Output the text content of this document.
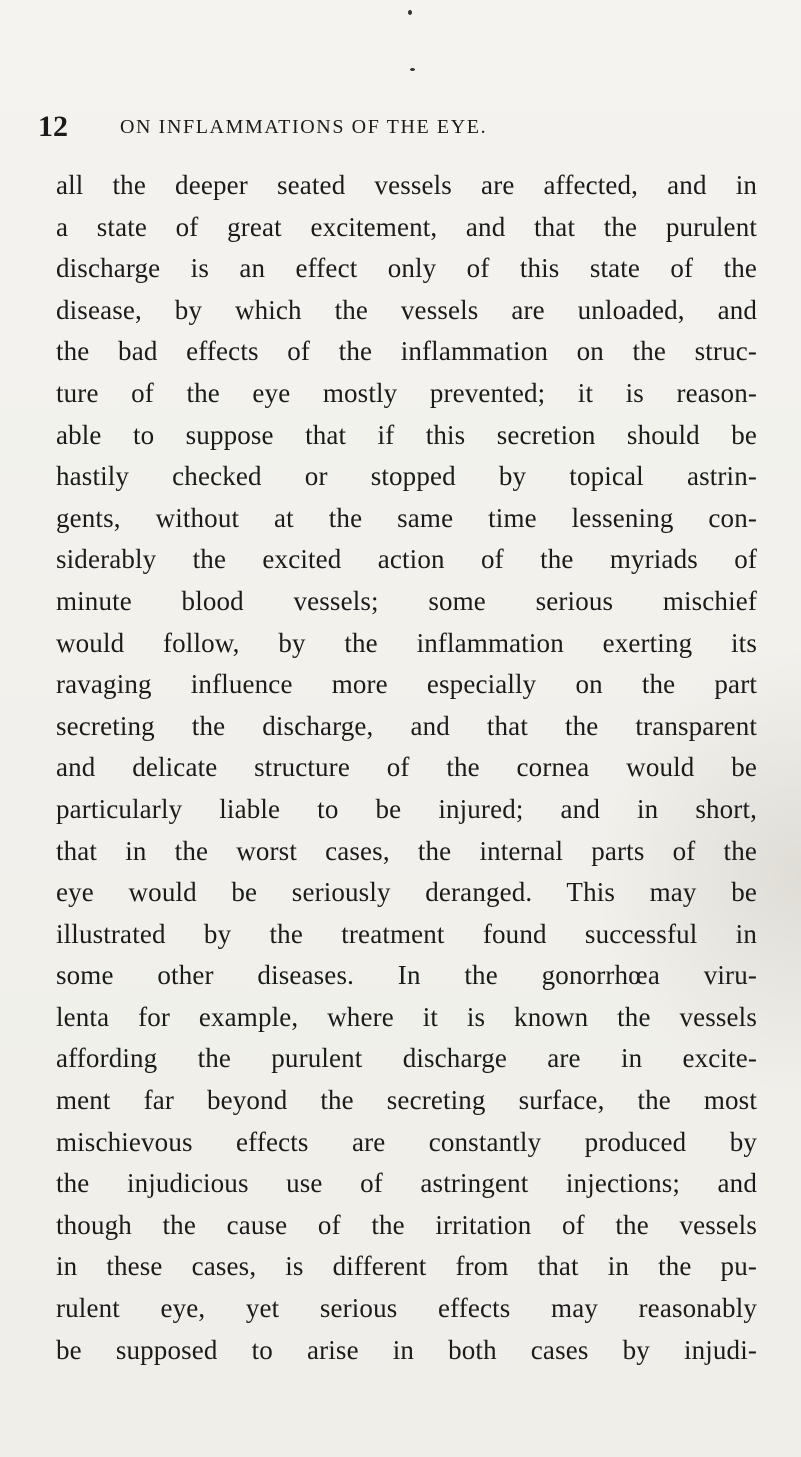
12	ON INFLAMMATIONS OF THE EYE.
all the deeper seated vessels are affected, and in
a state of great excitement, and that the purulent
discharge is an effect only of this state of the
disease, by which the vessels are unloaded, and
the bad effects of the inflammation on the struc-
ture of the eye mostly prevented; it is reason-
able to suppose that if this secretion should be
hastily checked or stopped by topical astrin-
gents, without at the same time lessening con-
siderably the excited action of the myriads of
minute blood vessels; some serious mischief
would follow, by the inflammation exerting its
ravaging influence more especially on the part
secreting the discharge, and that the transparent
and delicate structure of the cornea would be
particularly liable to be injured; and in short,
that in the worst cases, the internal parts of the
eye would be seriously deranged. This may be
illustrated by the treatment found successful in
some other diseases. In the gonorrhœa viru-
lenta for example, where it is known the vessels
affording the purulent discharge are in excite-
ment far beyond the secreting surface, the most
mischievous effects are constantly produced by
the injudicious use of astringent injections; and
though the cause of the irritation of the vessels
in these cases, is different from that in the pu-
rulent eye, yet serious effects may reasonably
be supposed to arise in both cases by injudi-
